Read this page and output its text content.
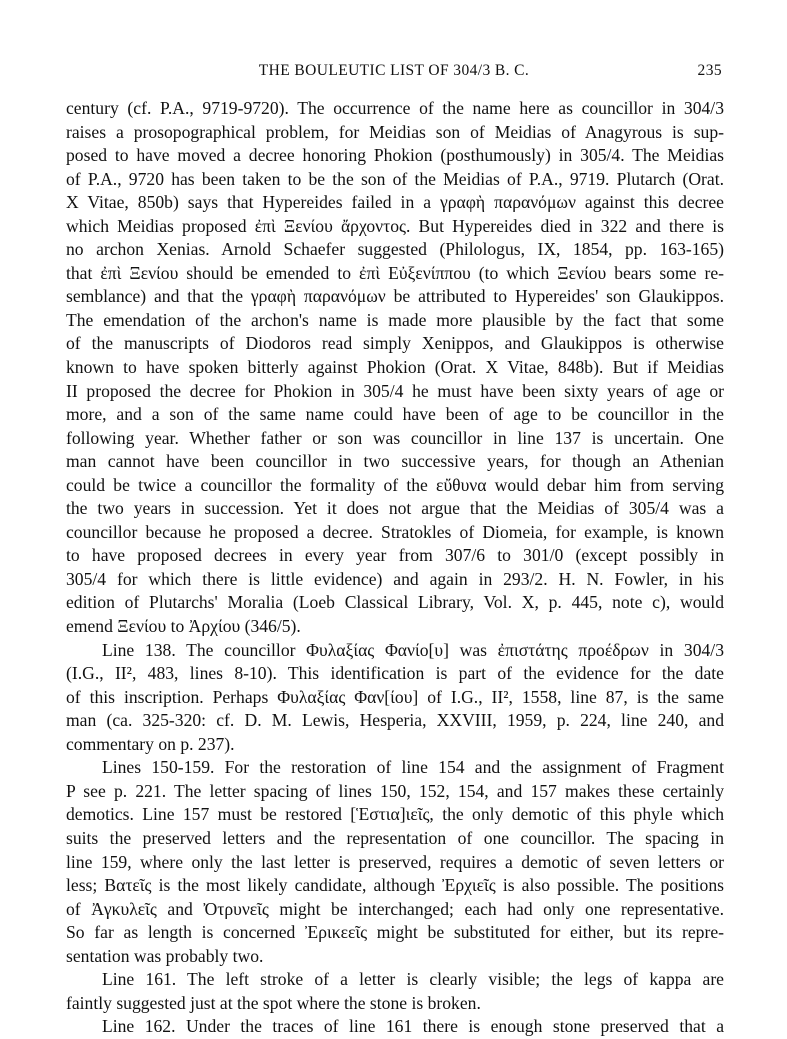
THE BOULEUTIC LIST OF 304/3 B. C.	235
century (cf. P.A., 9719-9720). The occurrence of the name here as councillor in 304/3
raises a prosopographical problem, for Meidias son of Meidias of Anagyrous is sup-
posed to have moved a decree honoring Phokion (posthumously) in 305/4. The Meidias
of P.A., 9720 has been taken to be the son of the Meidias of P.A., 9719. Plutarch (Orat.
X Vitae, 850b) says that Hypereides failed in a γραφὴ παρανόμων against this decree
which Meidias proposed ἐπὶ Ξενίου ἄρχοντος. But Hypereides died in 322 and there is
no archon Xenias. Arnold Schaefer suggested (Philologus, IX, 1854, pp. 163-165)
that ἐπὶ Ξενίου should be emended to ἐπὶ Εὐξενίππου (to which Ξενίου bears some re-
semblance) and that the γραφὴ παρανόμων be attributed to Hypereides' son Glaukippos.
The emendation of the archon's name is made more plausible by the fact that some
of the manuscripts of Diodoros read simply Xenippos, and Glaukippos is otherwise
known to have spoken bitterly against Phokion (Orat. X Vitae, 848b). But if Meidias
II proposed the decree for Phokion in 305/4 he must have been sixty years of age or
more, and a son of the same name could have been of age to be councillor in the
following year. Whether father or son was councillor in line 137 is uncertain. One
man cannot have been councillor in two successive years, for though an Athenian
could be twice a councillor the formality of the εὔθυνα would debar him from serving
the two years in succession. Yet it does not argue that the Meidias of 305/4 was a
councillor because he proposed a decree. Stratokles of Diomeia, for example, is known
to have proposed decrees in every year from 307/6 to 301/0 (except possibly in
305/4 for which there is little evidence) and again in 293/2. H. N. Fowler, in his
edition of Plutarchs' Moralia (Loeb Classical Library, Vol. X, p. 445, note c), would
emend Ξενίου to Ἀρχίου (346/5).
Line 138. The councillor Φυλαξίας Φανίο[υ] was ἐπιστάτης προέδρων in 304/3
(I.G., II², 483, lines 8-10). This identification is part of the evidence for the date
of this inscription. Perhaps Φυλαξίας Φαν[ίου] of I.G., II², 1558, line 87, is the same
man (ca. 325-320: cf. D. M. Lewis, Hesperia, XXVIII, 1959, p. 224, line 240, and
commentary on p. 237).
Lines 150-159. For the restoration of line 154 and the assignment of Fragment
P see p. 221. The letter spacing of lines 150, 152, 154, and 157 makes these certainly
demotics. Line 157 must be restored [Ἑστια]ιεῖς, the only demotic of this phyle which
suits the preserved letters and the representation of one councillor. The spacing in
line 159, where only the last letter is preserved, requires a demotic of seven letters or
less; Βατεῖς is the most likely candidate, although Ἐρχιεῖς is also possible. The positions
of Ἀγκυλεῖς and Ὀτρυνεῖς might be interchanged; each had only one representative.
So far as length is concerned Ἐρικεεῖς might be substituted for either, but its repre-
sentation was probably two.
Line 161. The left stroke of a letter is clearly visible; the legs of kappa are
faintly suggested just at the spot where the stone is broken.
Line 162. Under the traces of line 161 there is enough stone preserved that a
